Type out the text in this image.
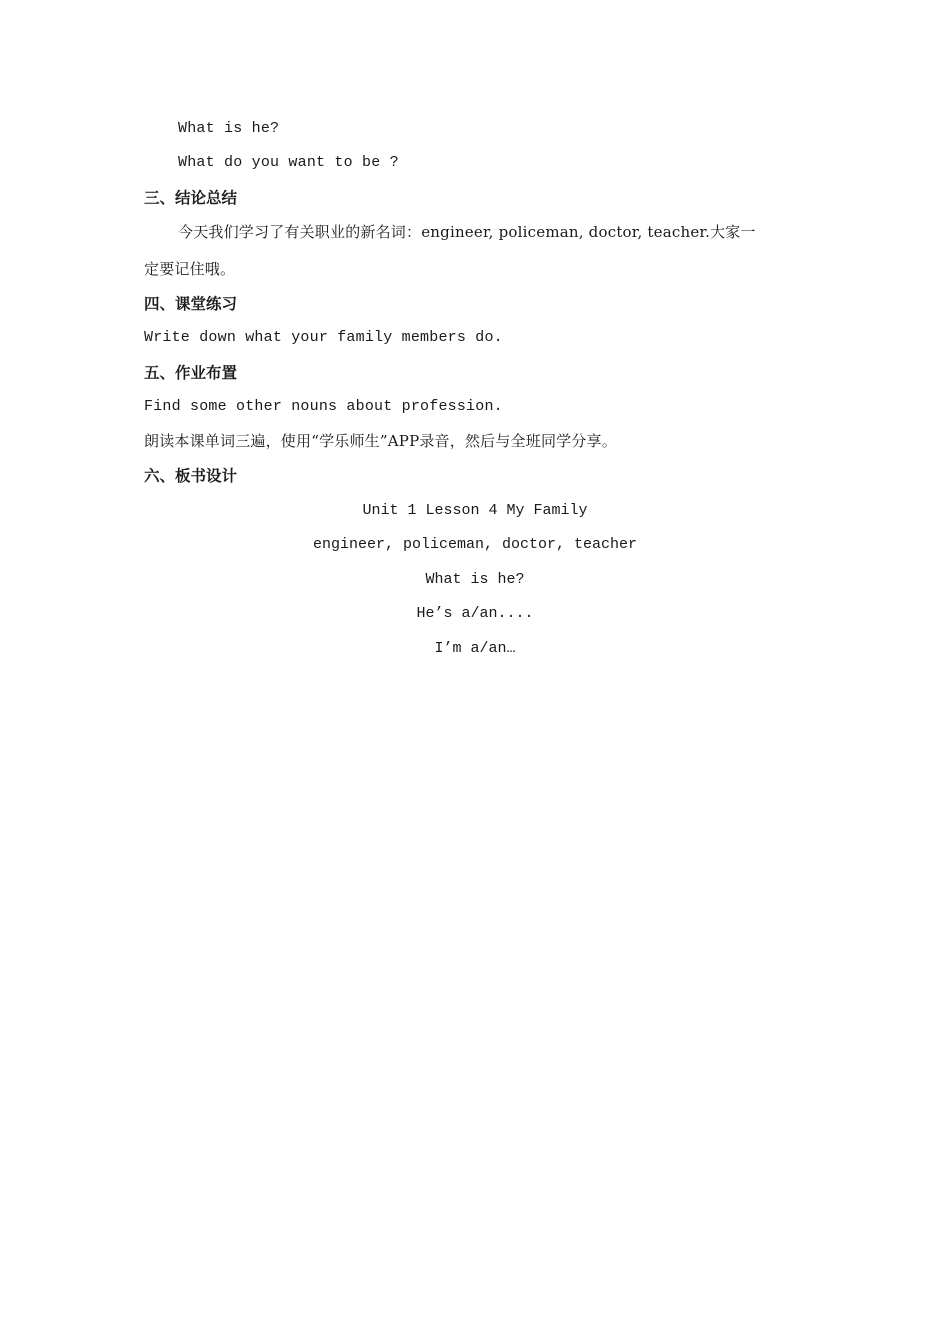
What is he?
What do you want to be ?
三、结论总结
今天我们学习了有关职业的新名词：engineer, policeman, doctor, teacher.大家一
定要记住哦。
四、课堂练习
Write down what your family members do.
五、作业布置
Find some other nouns about profession.
朗读本课单词三遍，使用“学乐师生”APP录音，然后与全班同学分享。
六、板书设计
Unit 1 Lesson 4 My Family
engineer, policeman, doctor, teacher
What is he?
He’s a/an....
I’m a/an…
